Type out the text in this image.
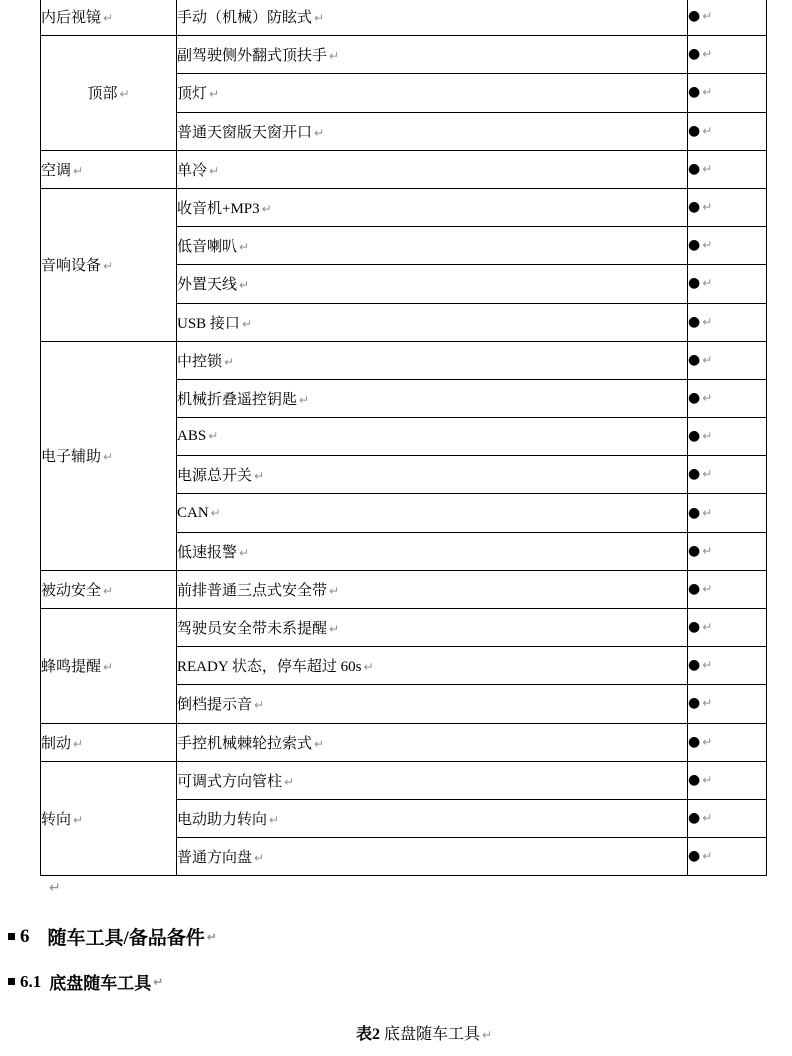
内后视镜 ↵	手动（机械）防眩式 ↵	● ↵
顶部 ↵	副驾驶侧外翻式顶扶手 ↵	● ↵
	顶灯 ↵	● ↵
	普通天窗版天窗开口 ↵	● ↵
空调 ↵	单冷 ↵	● ↵
音响设备 ↵	收音机+MP3 ↵	● ↵
	低音喇叭 ↵	● ↵
	外置天线 ↵	● ↵
	USB 接口 ↵	● ↵
电子辅助 ↵	中控锁 ↵	● ↵
	机械折叠遥控钥匙 ↵	● ↵
	ABS ↵	● ↵
	电源总开关 ↵	● ↵
	CAN ↵	● ↵
	低速报警 ↵	● ↵
被动安全 ↵	前排普通三点式安全带 ↵	● ↵
蜂鸣提醒 ↵	驾驶员安全带未系提醒 ↵	● ↵
	READY 状态，停车超过 60s ↵	● ↵
	倒档提示音 ↵	● ↵
制动 ↵	手控机械棘轮拉索式 ↵	● ↵
转向 ↵	可调式方向管柱 ↵	● ↵
	电动助力转向 ↵	● ↵
	普通方向盘 ↵	● ↵
↵
6 随车工具/备品备件 ↵
6.1 底盘随车工具 ↵
表2 底盘随车工具 ↵
